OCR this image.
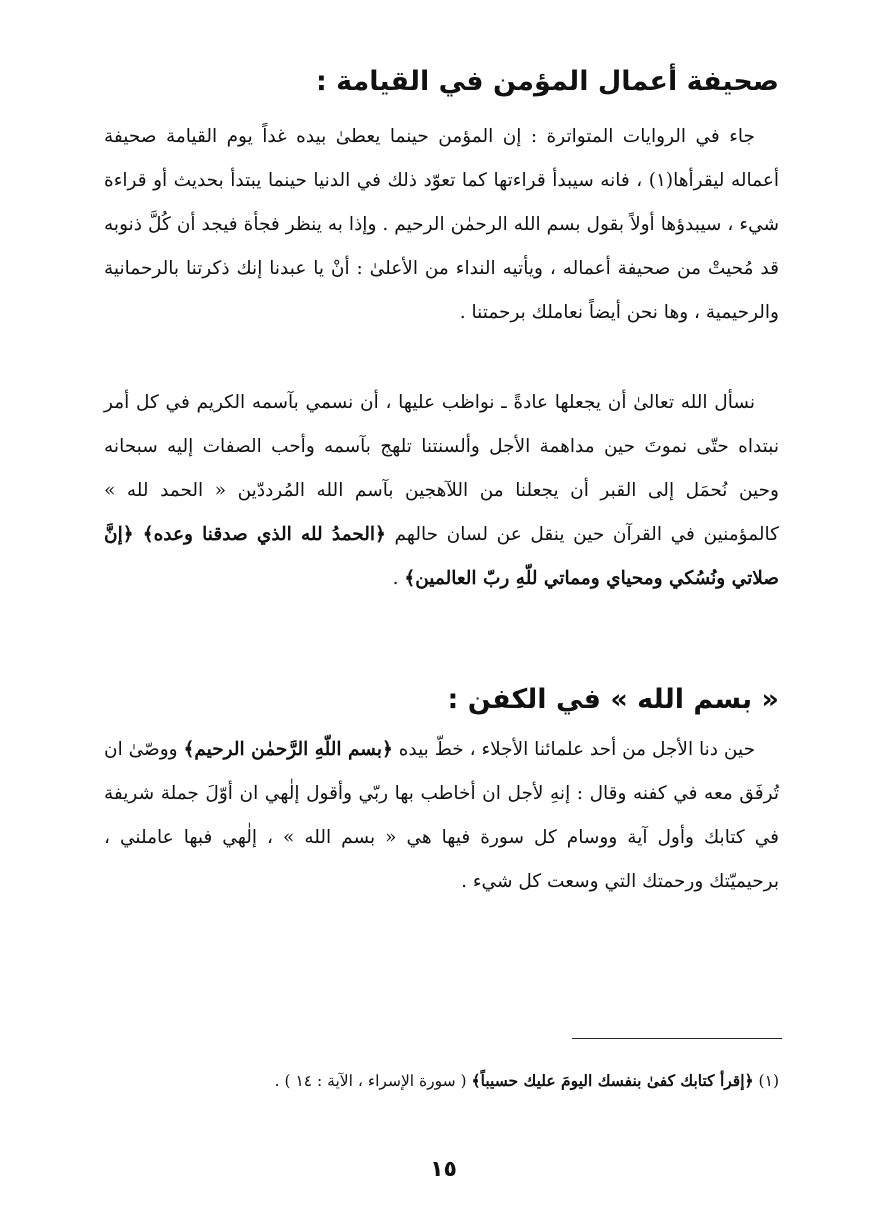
صحيفة أعمال المؤمن في القيامة :

جاء في الروايات المتواترة : إن المؤمن حينما يعطىٰ بيده غداً يوم القيامة صحيفة أعماله ليقرأها(١) ، فانه سيبدأ قراءتها كما تعوّد ذلك في الدنيا حينما يبتدأ بحديث أو قراءة شيء ، سيبدؤها أولاً بقول بسم الله الرحمٰن الرحيم . وإذا به ينظر فجأة فيجد أن كُلَّ ذنوبه قد مُحيتْ من صحيفة أعماله ، ويأتيه النداء من الأعلىٰ : أنْ يا عبدنا إنك ذكرتنا بالرحمانية والرحيمية ، وها نحن أيضاً نعاملك برحمتنا .

نسأل الله تعالىٰ أن يجعلها عادةً ـ نواظب عليها ، أن نسمي بآسمه الكريم في كل أمر نبتداه حتّى نموتَ حين مداهمة الأجل وألسنتنا تلهج بآسمه وأحب الصفات إليه سبحانه وحين نُحمَل إلى القبر أن يجعلنا من اللآهجين بآسم الله المُرددّين « الحمد لله » كالمؤمنين في القرآن حين ينقل عن لسان حالهم ﴿الحمدُ لله الذي صدقنا وعده﴾ ﴿إنَّ صلاتي ونُسُكي ومحياي ومماتي للّهِ ربّ العالمين﴾ .

« بسم الله » في الكفن :

حين دنا الأجل من أحد علمائنا الأجلاء ، خطّ بيده ﴿بسم اللّهِ الرَّحمٰن الرحيم﴾ ووصّىٰ ان تُرفَق معه في كفنه وقال : إنهِ لأجل ان أخاطب بها ربّي وأقول إلٰهي ان أوّلَ جملة شريفة في كتابك وأول آية ووسام كل سورة فيها هي « بسم الله » ، إلٰهي فبها عاملني ، برحيميّتك ورحمتك التي وسعت كل شيء .

(١) ﴿إقرأ كتابك كفىٰ بنفسك اليومَ عليك حسيباً﴾ ( سورة الإسراء ، الآية : ١٤ ) .

١٥
